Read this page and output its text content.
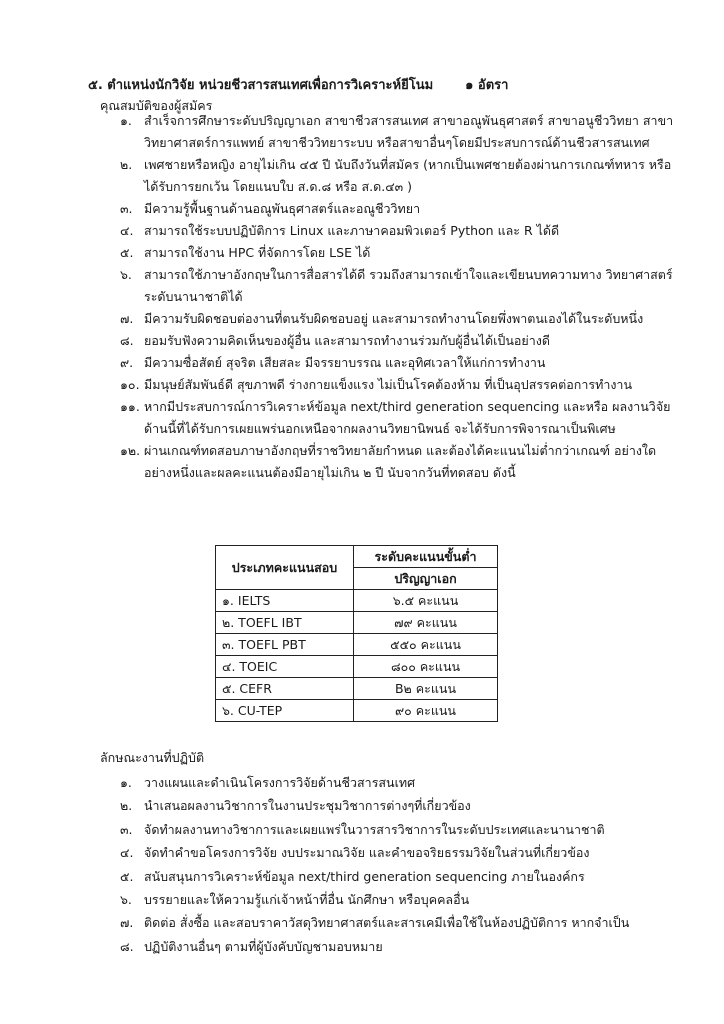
๕. ตำแหน่งนักวิจัย หน่วยชีวสารสนเทศเพื่อการวิเคราะห์ยีโนม ๑ อัตรา
คุณสมบัติของผู้สมัคร
๑. สำเร็จการศึกษาระดับปริญญาเอก สาขาชีวสารสนเทศ สาขาอณูพันธุศาสตร์ สาขาอนูชีววิทยา สาขาวิทยาศาสตร์การแพทย์ สาขาชีววิทยาระบบ หรือสาขาอื่นๆโดยมีประสบการณ์ด้านชีวสารสนเทศ
๒. เพศชายหรือหญิง อายุไม่เกิน ๔๕ ปี นับถึงวันที่สมัคร (หากเป็นเพศชายต้องผ่านการเกณฑ์ทหาร หรือได้รับการยกเว้น โดยแนบใบ ส.ด.๘ หรือ ส.ด.๔๓ )
๓. มีความรู้พื้นฐานด้านอณูพันธุศาสตร์และอณูชีววิทยา
๔. สามารถใช้ระบบปฏิบัติการ Linux และภาษาคอมพิวเตอร์ Python และ R ได้ดี
๕. สามารถใช้งาน HPC ที่จัดการโดย LSE ได้
๖. สามารถใช้ภาษาอังกฤษในการสื่อสารได้ดี รวมถึงสามารถเข้าใจและเขียนบทความทาง วิทยาศาสตร์ระดับนานาชาติได้
๗. มีความรับผิดชอบต่องานที่ตนรับผิดชอบอยู่ และสามารถทำงานโดยพึ่งพาตนเองได้ในระดับหนึ่ง
๘. ยอมรับฟังความคิดเห็นของผู้อื่น และสามารถทำงานร่วมกับผู้อื่นได้เป็นอย่างดี
๙. มีความซื่อสัตย์ สุจริต เสียสละ มีจรรยาบรรณ และอุทิศเวลาให้แก่การทำงาน
๑๐. มีมนุษย์สัมพันธ์ดี สุขภาพดี ร่างกายแข็งแรง ไม่เป็นโรคต้องห้าม ที่เป็นอุปสรรคต่อการทำงาน
๑๑. หากมีประสบการณ์การวิเคราะห์ข้อมูล next/third generation sequencing และหรือ ผลงานวิจัยด้านนี้ที่ได้รับการเผยแพร่นอกเหนือจากผลงานวิทยานิพนธ์ จะได้รับการพิจารณาเป็นพิเศษ
๑๒. ผ่านเกณฑ์ทดสอบภาษาอังกฤษที่ราชวิทยาลัยกำหนด และต้องได้คะแนนไม่ต่ำกว่าเกณฑ์ อย่างใดอย่างหนึ่งและผลคะแนนต้องมีอายุไม่เกิน ๒ ปี นับจากวันที่ทดสอบ ดังนี้
ประเภทคะแนนสอบ	ระดับคะแนนขั้นต่ำ
	ปริญญาเอก
๑. IELTS	๖.๕ คะแนน
๒. TOEFL IBT	๗๙ คะแนน
๓. TOEFL PBT	๕๕๐ คะแนน
๔. TOEIC	๘๐๐ คะแนน
๕. CEFR	B๒ คะแนน
๖. CU-TEP	๙๐ คะแนน
ลักษณะงานที่ปฏิบัติ
๑. วางแผนและดำเนินโครงการวิจัยด้านชีวสารสนเทศ
๒. นำเสนอผลงานวิชาการในงานประชุมวิชาการต่างๆที่เกี่ยวข้อง
๓. จัดทำผลงานทางวิชาการและเผยแพร่ในวารสารวิชาการในระดับประเทศและนานาชาติ
๔. จัดทำคำขอโครงการวิจัย งบประมาณวิจัย และคำขอจริยธรรมวิจัยในส่วนที่เกี่ยวข้อง
๕. สนับสนุนการวิเคราะห์ข้อมูล next/third generation sequencing ภายในองค์กร
๖. บรรยายและให้ความรู้แก่เจ้าหน้าที่อื่น นักศึกษา หรือบุคคลอื่น
๗. ติดต่อ สั่งซื้อ และสอบราคาวัสดุวิทยาศาสตร์และสารเคมีเพื่อใช้ในห้องปฏิบัติการ หากจำเป็น
๘. ปฏิบัติงานอื่นๆ ตามที่ผู้บังคับบัญชามอบหมาย
